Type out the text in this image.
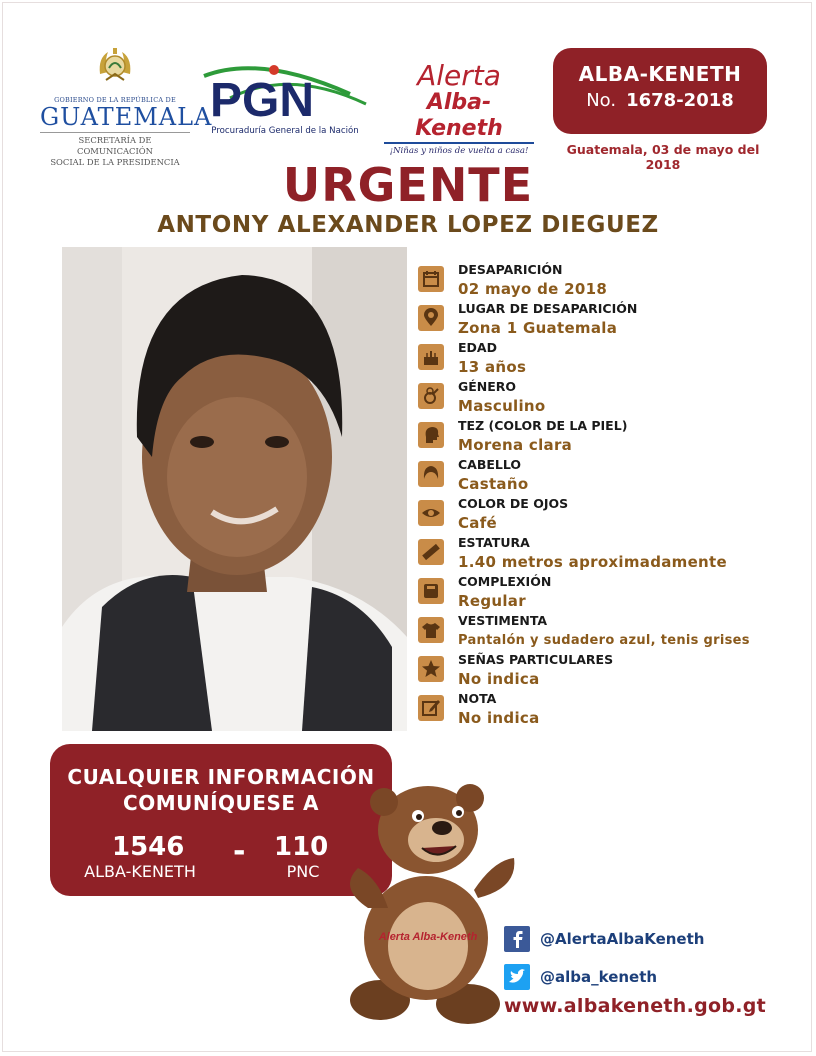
GOBIERNO DE LA REPÚBLICA DE
GUATEMALA
SECRETARÍA DE COMUNICACIÓN
SOCIAL DE LA PRESIDENCIA
PGN
Procuraduría General de la Nación
Alerta
Alba-Keneth
¡Niñas y niños de vuelta a casa!
ALBA-KENETH
No. 1678-2018
Guatemala, 03 de mayo del 2018
URGENTE
ANTONY ALEXANDER LOPEZ DIEGUEZ
DESAPARICIÓN
02 mayo de 2018
LUGAR DE DESAPARICIÓN
Zona 1 Guatemala
EDAD
13 años
GÉNERO
Masculino
TEZ (COLOR DE LA PIEL)
Morena clara
CABELLO
Castaño
COLOR DE OJOS
Café
ESTATURA
1.40 metros aproximadamente
COMPLEXIÓN
Regular
VESTIMENTA
Pantalón y sudadero azul, tenis grises
SEÑAS PARTICULARES
No indica
NOTA
No indica
CUALQUIER INFORMACIÓN
COMUNÍQUESE A
1546
ALBA-KENETH
- 110
PNC
Alerta Alba-Keneth	@AlertaAlbaKeneth
@alba_keneth
www.albakeneth.gob.gt
